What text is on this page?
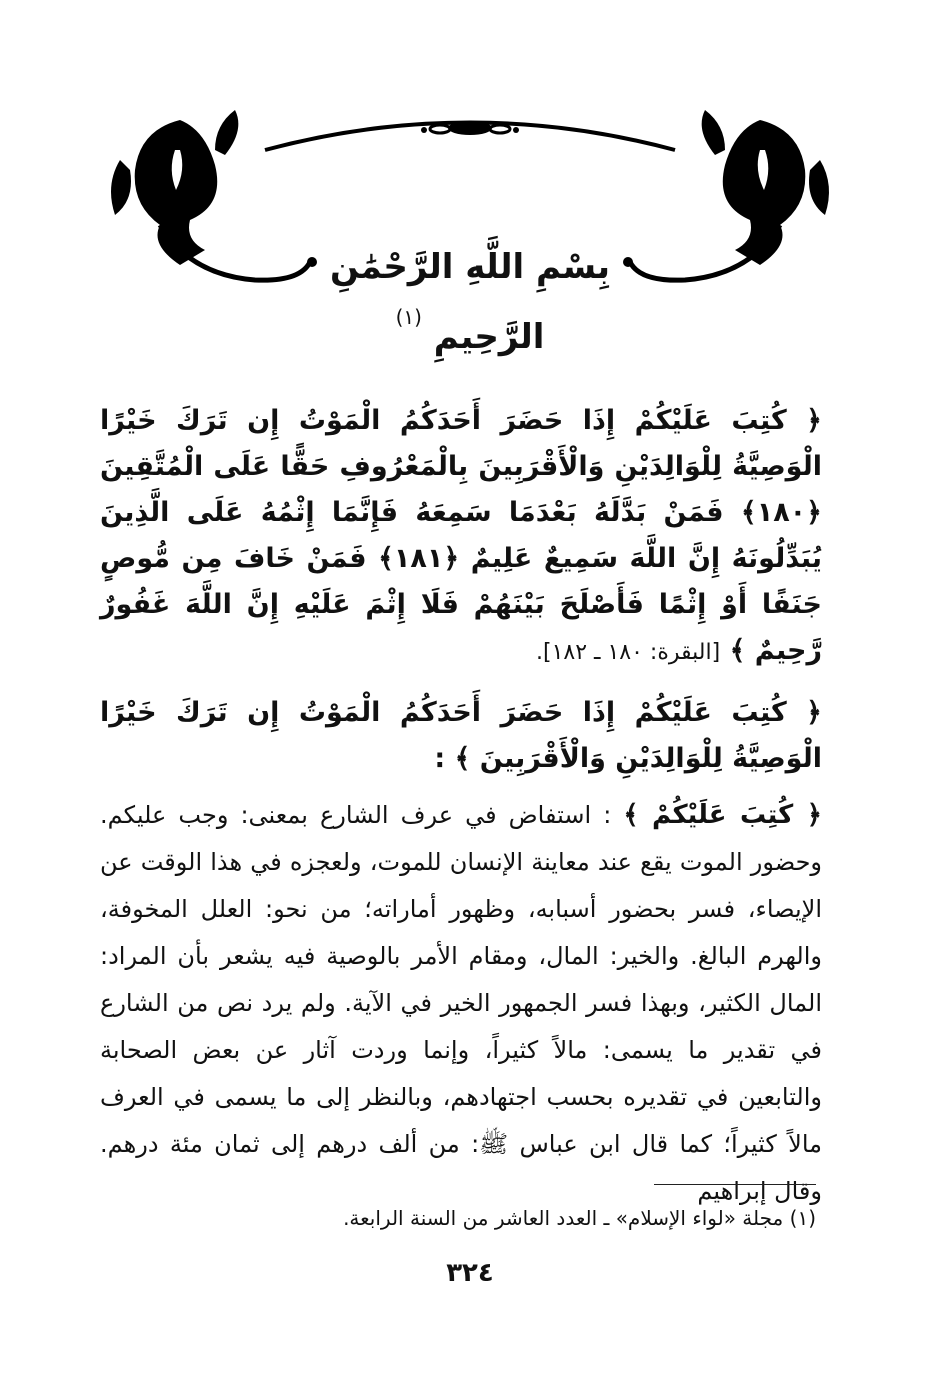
بِسْمِ اللَّهِ الرَّحْمَٰنِ الرَّحِيمِ $^{(١)}$

﴿ كُتِبَ عَلَيْكُمْ إِذَا حَضَرَ أَحَدَكُمُ الْمَوْتُ إِن تَرَكَ خَيْرًا الْوَصِيَّةُ لِلْوَالِدَيْنِ وَالْأَقْرَبِينَ بِالْمَعْرُوفِ حَقًّا عَلَى الْمُتَّقِينَ ﴿١٨٠﴾ فَمَنْ بَدَّلَهُ بَعْدَمَا سَمِعَهُ فَإِنَّمَا إِثْمُهُ عَلَى الَّذِينَ يُبَدِّلُونَهُ إِنَّ اللَّهَ سَمِيعٌ عَلِيمٌ ﴿١٨١﴾ فَمَنْ خَافَ مِن مُّوصٍ جَنَفًا أَوْ إِثْمًا فَأَصْلَحَ بَيْنَهُمْ فَلَا إِثْمَ عَلَيْهِ إِنَّ اللَّهَ غَفُورٌ رَّحِيمٌ ﴾ [البقرة: ١٨٠ ـ ١٨٢].

﴿ كُتِبَ عَلَيْكُمْ إِذَا حَضَرَ أَحَدَكُمُ الْمَوْتُ إِن تَرَكَ خَيْرًا الْوَصِيَّةُ لِلْوَالِدَيْنِ وَالْأَقْرَبِينَ ﴾ :

﴿ كُتِبَ عَلَيْكُمْ ﴾ : استفاض في عرف الشارع بمعنى: وجب عليكم. وحضور الموت يقع عند معاينة الإنسان للموت، ولعجزه في هذا الوقت عن الإيصاء، فسر بحضور أسبابه، وظهور أماراته؛ من نحو: العلل المخوفة، والهرم البالغ. والخير: المال، ومقام الأمر بالوصية فيه يشعر بأن المراد: المال الكثير، وبهذا فسر الجمهور الخير في الآية. ولم يرد نص من الشارع في تقدير ما يسمى: مالاً كثيراً، وإنما وردت آثار عن بعض الصحابة والتابعين في تقديره بحسب اجتهادهم، وبالنظر إلى ما يسمى في العرف مالاً كثيراً؛ كما قال ابن عباس ﷺ: من ألف درهم إلى ثمان مئة درهم. وقال إبراهيم

(١) مجلة «لواء الإسلام» ـ العدد العاشر من السنة الرابعة.
٣٢٤
